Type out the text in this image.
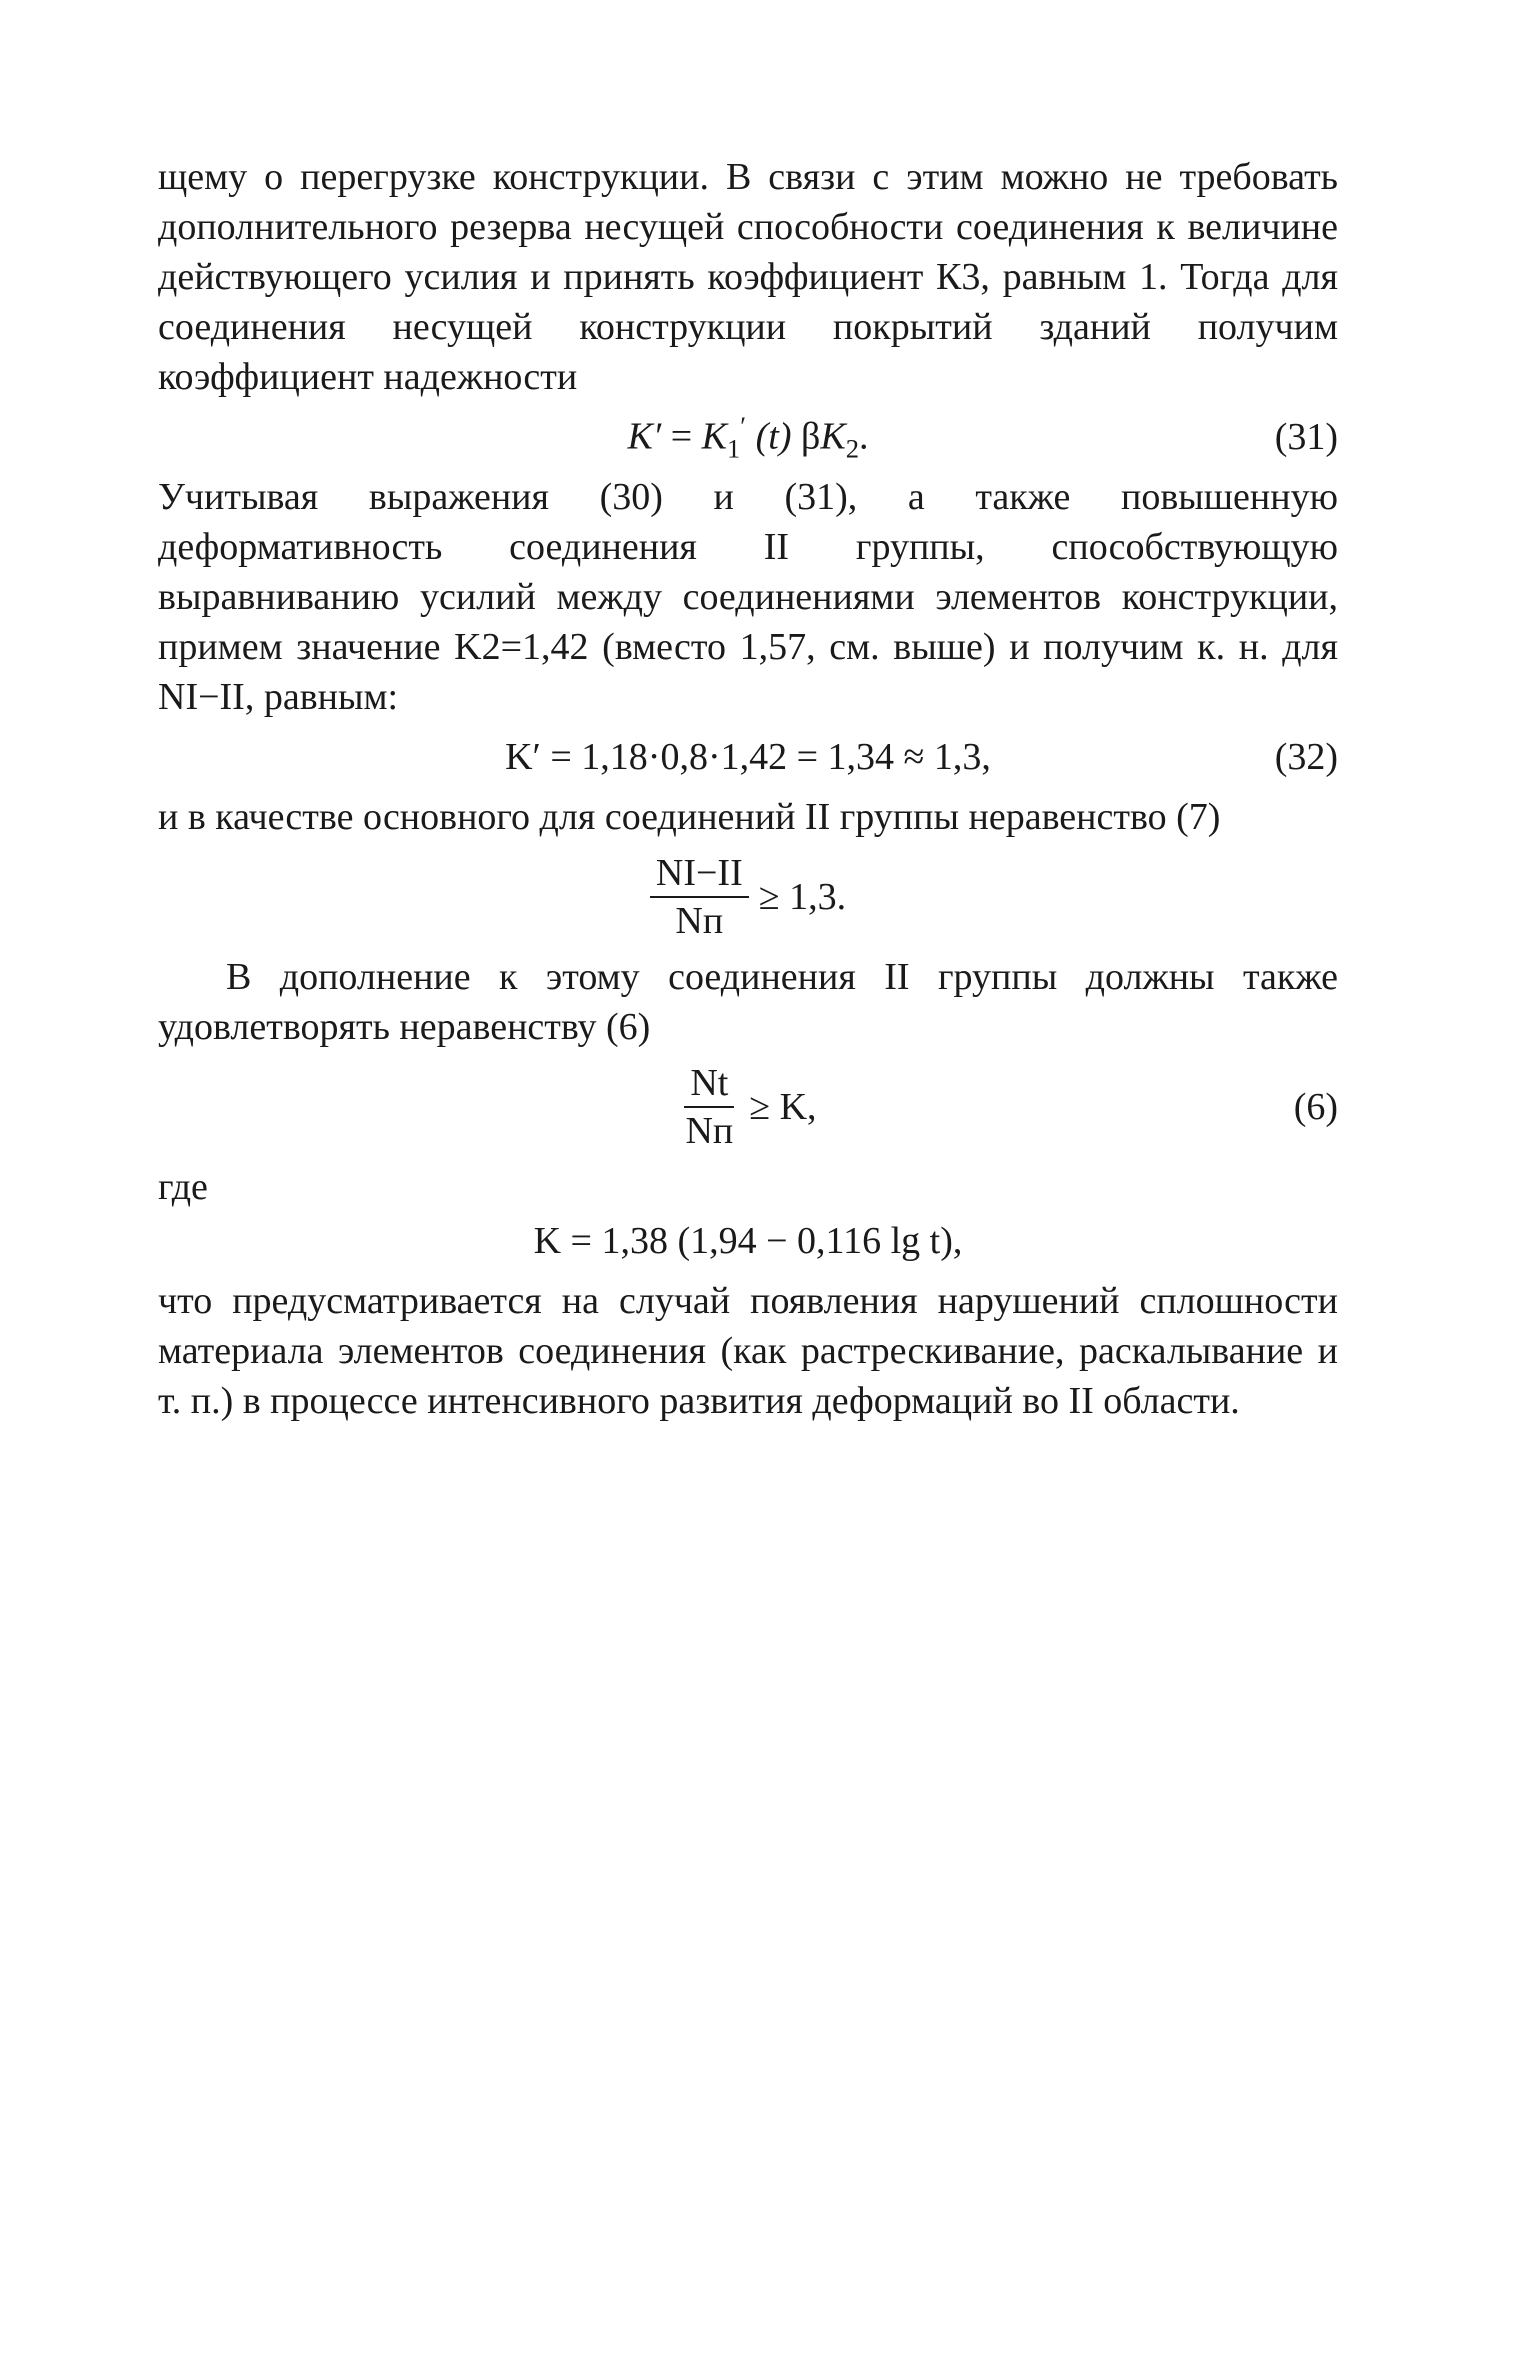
щему о перегрузке конструкции. В связи с этим можно не требовать дополнительного резерва несущей способности соединения к величине действующего усилия и принять коэффициент К3, равным 1. Тогда для соединения несущей конструкции покрытий зданий получим коэффициент надежности

$K' = K_1'$ (t) $\beta K_2$.	(31)

Учитывая выражения (30) и (31), а также повышенную деформативность соединения II группы, способствующую выравниванию усилий между соединениями элементов конструкции, примем значение K2=1,42 (вместо 1,57, см. выше) и получим к. н. для NI−II, равным:

K′ = 1,18·0,8·1,42 = 1,34 ≈ 1,3,	(32)

и в качестве основного для соединений II группы неравенство (7)

$\frac{NI-II}{Nп} \ge 1,3$.

В дополнение к этому соединения II группы должны также удовлетворять неравенству (6)

$\frac{Nt}{Nп} \ge K$,	(6)

где

K = 1,38 (1,94 − 0,116 lg t),

что предусматривается на случай появления нарушений сплошности материала элементов соединения (как растрескивание, раскалывание и т. п.) в процессе интенсивного развития деформаций во II области.
